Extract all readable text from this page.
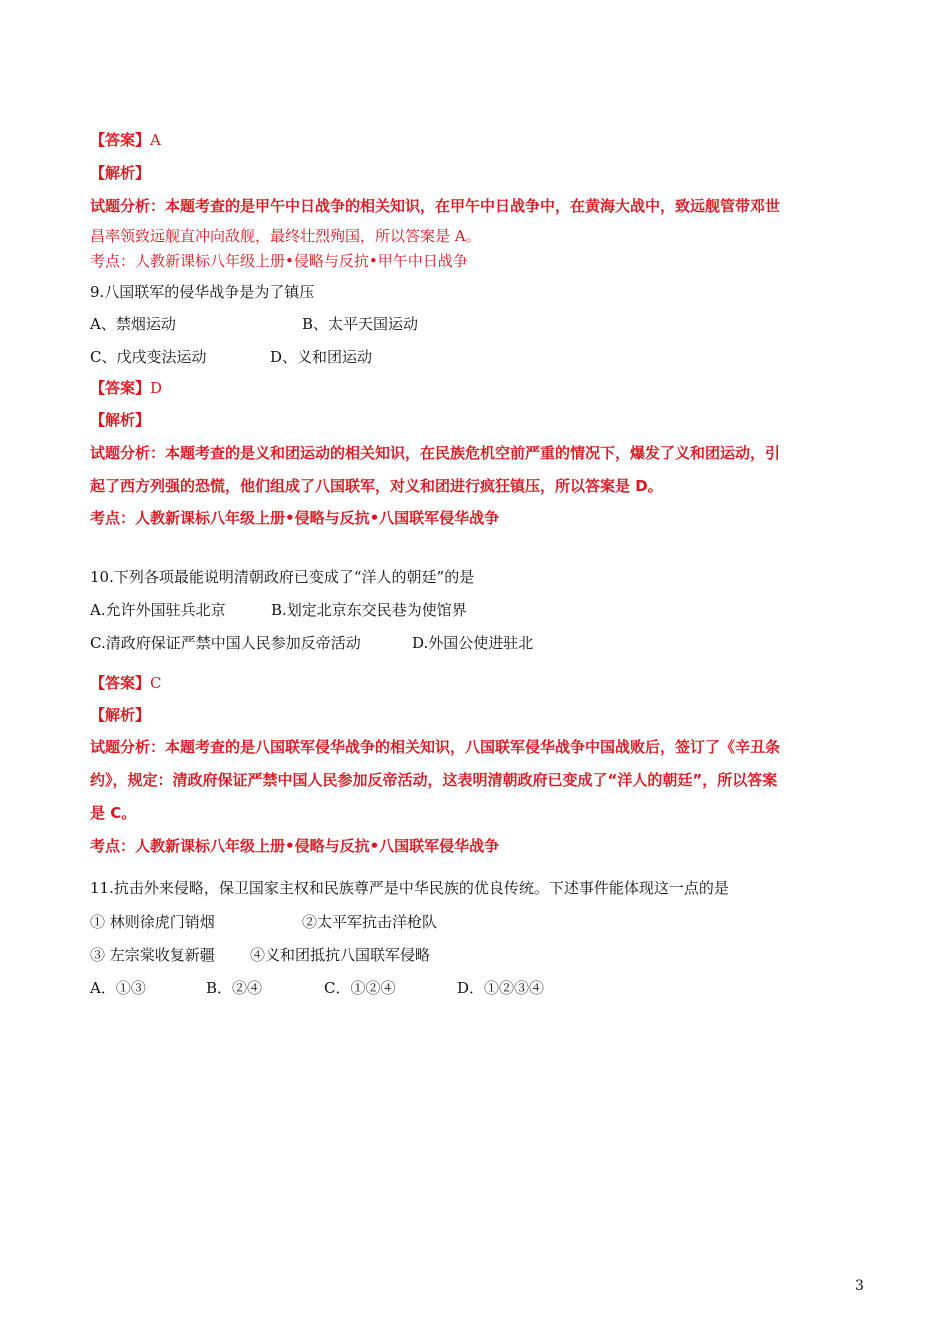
【答案】A
【解析】
试题分析：本题考查的是甲午中日战争的相关知识，在甲午中日战争中，在黄海大战中，致远舰管带邓世
昌率领致远舰直冲向敌舰，最终壮烈殉国，所以答案是 A。
考点：人教新课标八年级上册•侵略与反抗•甲午中日战争
9.八国联军的侵华战争是为了镇压
A、禁烟运动	B、太平天国运动
C、戊戌变法运动	D、义和团运动
【答案】D
【解析】
试题分析：本题考查的是义和团运动的相关知识，在民族危机空前严重的情况下，爆发了义和团运动，引
起了西方列强的恐慌，他们组成了八国联军，对义和团进行疯狂镇压，所以答案是 D。
考点：人教新课标八年级上册•侵略与反抗•八国联军侵华战争
10.下列各项最能说明清朝政府已变成了“洋人的朝廷”的是
A.允许外国驻兵北京	B.划定北京东交民巷为使馆界
C.清政府保证严禁中国人民参加反帝活动	D.外国公使进驻北
【答案】C
【解析】
试题分析：本题考查的是八国联军侵华战争的相关知识，八国联军侵华战争中国战败后，签订了《辛丑条
约》，规定：清政府保证严禁中国人民参加反帝活动，这表明清朝政府已变成了“洋人的朝廷”，所以答案
是 C。
考点：人教新课标八年级上册•侵略与反抗•八国联军侵华战争
11.抗击外来侵略，保卫国家主权和民族尊严是中华民族的优良传统。下述事件能体现这一点的是
① 林则徐虎门销烟	②太平军抗击洋枪队
③ 左宗棠收复新疆 ④义和团抵抗八国联军侵略
A．①③	B．②④	C．①②④	D．①②③④
3
